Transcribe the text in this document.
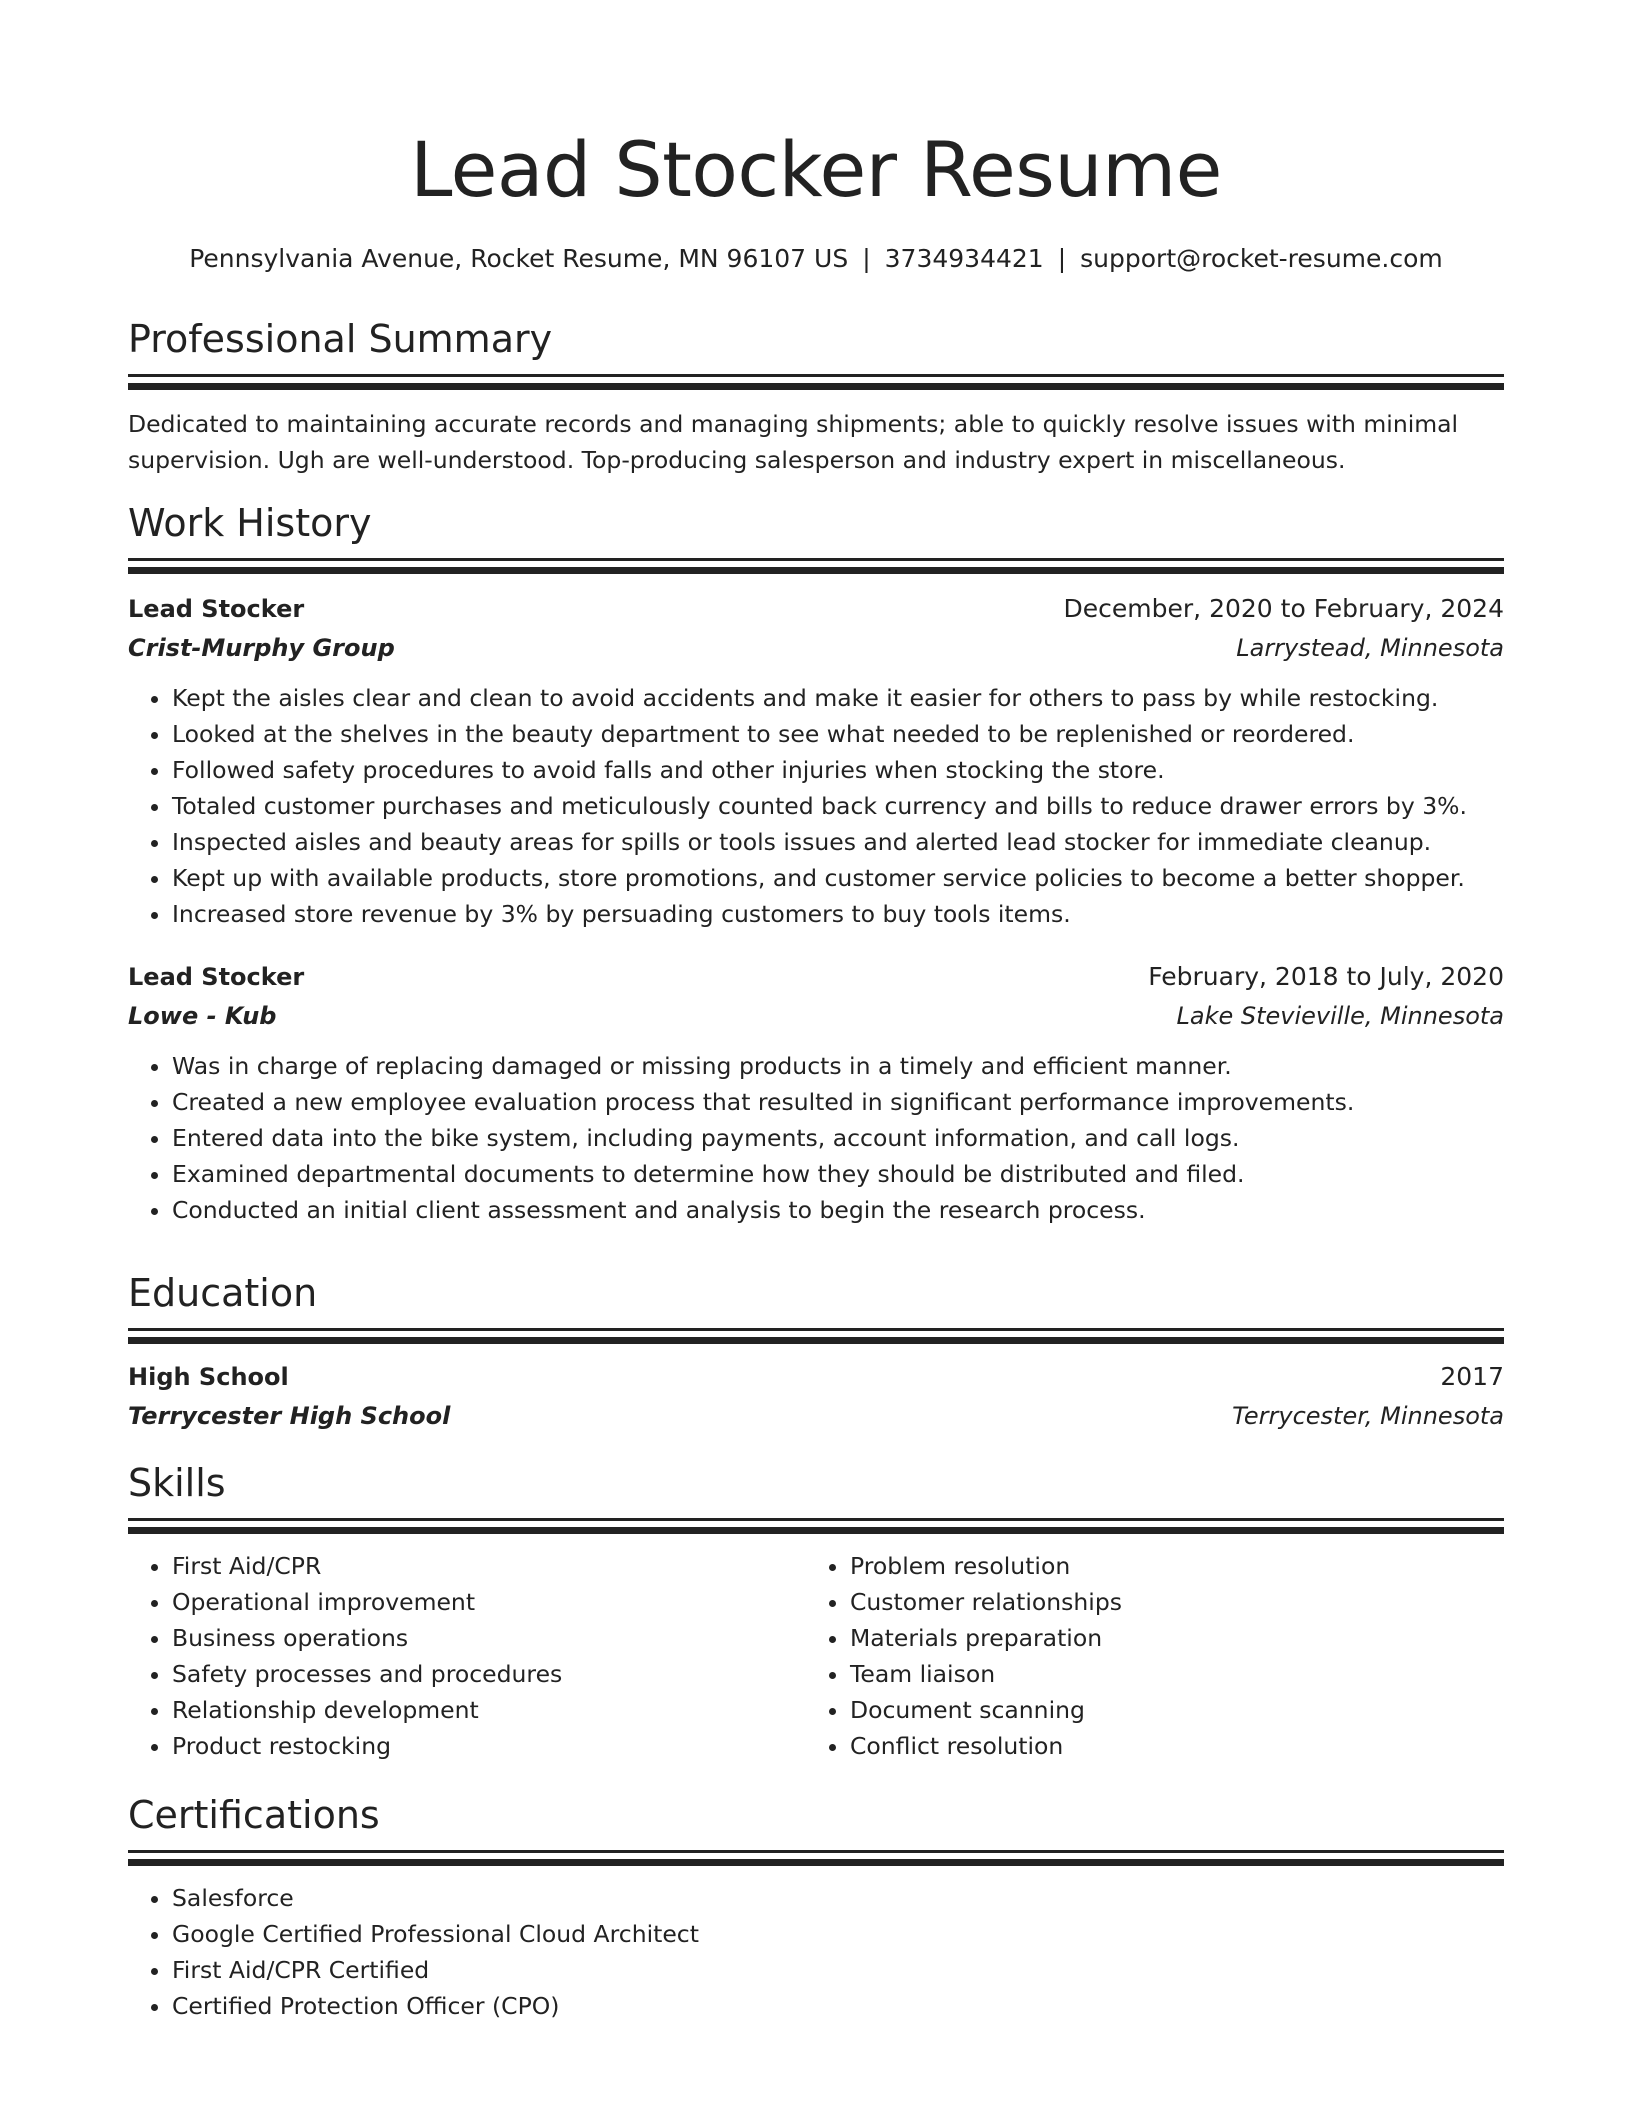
Lead Stocker Resume
Pennsylvania Avenue, Rocket Resume, MN 96107 US | 3734934421 | support@rocket-resume.com
Professional Summary
Dedicated to maintaining accurate records and managing shipments; able to quickly resolve issues with minimal supervision. Ugh are well-understood. Top-producing salesperson and industry expert in miscellaneous.
Work History
Lead Stocker	December, 2020 to February, 2024
Crist-Murphy Group	Larrystead, Minnesota
• Kept the aisles clear and clean to avoid accidents and make it easier for others to pass by while restocking.
• Looked at the shelves in the beauty department to see what needed to be replenished or reordered.
• Followed safety procedures to avoid falls and other injuries when stocking the store.
• Totaled customer purchases and meticulously counted back currency and bills to reduce drawer errors by 3%.
• Inspected aisles and beauty areas for spills or tools issues and alerted lead stocker for immediate cleanup.
• Kept up with available products, store promotions, and customer service policies to become a better shopper.
• Increased store revenue by 3% by persuading customers to buy tools items.
Lead Stocker	February, 2018 to July, 2020
Lowe - Kub	Lake Stevieville, Minnesota
• Was in charge of replacing damaged or missing products in a timely and efficient manner.
• Created a new employee evaluation process that resulted in significant performance improvements.
• Entered data into the bike system, including payments, account information, and call logs.
• Examined departmental documents to determine how they should be distributed and filed.
• Conducted an initial client assessment and analysis to begin the research process.
Education
High School	2017
Terrycester High School	Terrycester, Minnesota
Skills
• First Aid/CPR
• Operational improvement
• Business operations
• Safety processes and procedures
• Relationship development
• Product restocking
• Problem resolution
• Customer relationships
• Materials preparation
• Team liaison
• Document scanning
• Conflict resolution
Certifications
• Salesforce
• Google Certified Professional Cloud Architect
• First Aid/CPR Certified
• Certified Protection Officer (CPO)
